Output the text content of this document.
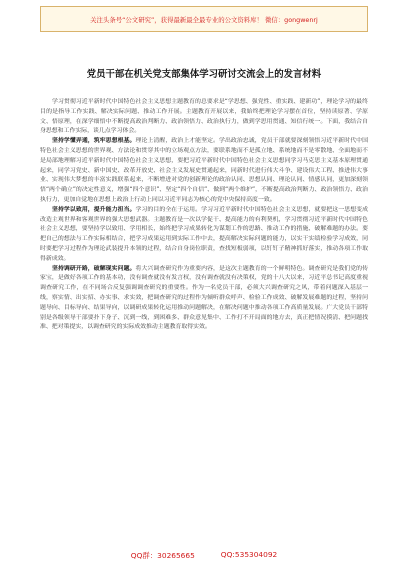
关注头条号“公文研究”，获得最新最全最专业的公文资料库！ 微信：gongwenrj
党员干部在机关党支部集体学习研讨交流会上的发言材料

学习贯彻习近平新时代中国特色社会主义思想主题教育的总要求是“学思想、强党性、重实践、建新功”，理论学习的最终目的是指导工作实践、解决实际问题、推动工作开展。主题教育开展以来，我始终把理论学习摆在首位，坚持读原著、学原文、悟原理，在深学细悟中不断提高政治判断力、政治领悟力、政治执行力，做到学思用贯通、知信行统一。下面，我结合自身思想和工作实际，谈几点学习体会。

坚持学懂弄通，筑牢思想根基。理论上清醒，政治上才能坚定。学出政治忠诚，党员干部就要深刻领悟习近平新时代中国特色社会主义思想的世界观、方法论和贯穿其中的立场观点方法，要联系地而不是孤立地、系统地而不是零散地、全面地而不是局部地理解习近平新时代中国特色社会主义思想，要把习近平新时代中国特色社会主义思想同学习马克思主义基本原理贯通起来，同学习党史、新中国史、改革开放史、社会主义发展史贯通起来，同新时代进行伟大斗争、建设伟大工程、推进伟大事业、实现伟大梦想的丰富实践联系起来，不断增进对党的创新理论的政治认同、思想认同、理论认同、情感认同，更加深刻领悟“两个确立”的决定性意义，增强“四个意识”、坚定“四个自信”、做到“两个维护”，不断提高政治判断力、政治领悟力、政治执行力，更加自觉地在思想上政治上行动上同以习近平同志为核心的党中央保持高度一致。

坚持学以致用，提升能力担当。学习的目的全在于运用。学习习近平新时代中国特色社会主义思想，就要把这一思想变成改造主观世界和客观世界的强大思想武器。主题教育是一次以学促干、提高能力的有利契机，学习贯彻习近平新时代中国特色社会主义思想，要坚持学以致用、学用相长，始终把学习成果转化为谋划工作的思路、推动工作的措施、破解难题的办法。要把自己的想法与工作实际相结合，把学习成果运用到实际工作中去，提高解决实际问题的能力，以实干实绩检验学习成效，同时要把学习过程作为理论武装提升本领的过程，结合自身岗位职责，查找短板弱项，以钉钉子精神抓好落实，推动各项工作取得新成效。

坚持调研开路，破解现实问题。将大兴调查研究作为重要内容，是这次主题教育的一个鲜明特色。调查研究是我们党的传家宝，是做好各项工作的基本功，没有调查就没有发言权，没有调查就没有决策权，党的十八大以来，习近平总书记高度重视调查研究工作，在不同场合反复强调调查研究的重要性。作为一名党员干部，必须大兴调查研究之风，带着问题深入基层一线，察实情、出实招、办实事、求实效，把调查研究的过程作为倾听群众呼声、检验工作成效、破解发展难题的过程，坚持问题导向、目标导向、结果导向，以调研成果转化运用推动问题解决，在解决问题中推动各项工作高质量发展。广大党员干部特别是各级领导干部要扑下身子、沉到一线，到困难多、群众意见集中、工作打不开局面的地方去，真正把情况摸清、把问题找准、把对策提实，以调查研究的实际成效推动主题教育取得实效。

QQ群：30265665	QQ:535304092
